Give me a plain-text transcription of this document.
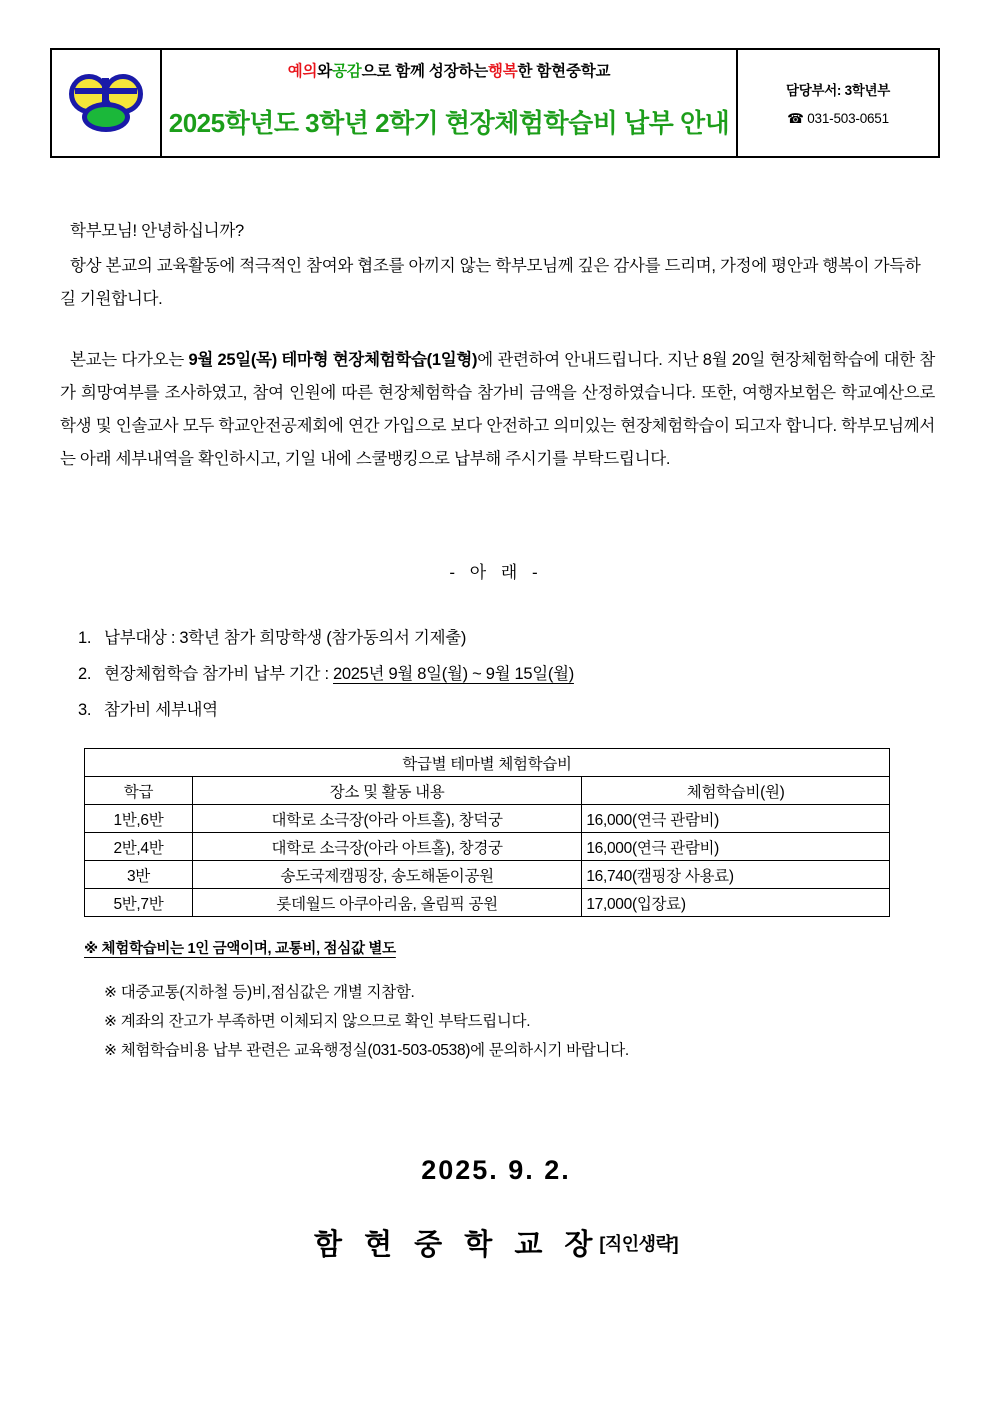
예의 와 공감 으로 함께 성장하는 행복 한 함현중학교
2025학년도 3학년 2학기 현장체험학습비 납부 안내
담당부서: 3학년부
☎ 031-503-0651

학부모님! 안녕하십니까?

항상 본교의 교육활동에 적극적인 참여와 협조를 아끼지 않는 학부모님께 깊은 감사를 드리며, 가정에 평안과 행복이 가득하길 기원합니다.

본교는 다가오는 9월 25일(목) 테마형 현장체험학습(1일형)에 관련하여 안내드립니다. 지난 8월 20일 현장체험학습에 대한 참가 희망여부를 조사하였고, 참여 인원에 따른 현장체험학습 참가비 금액을 산정하였습니다. 또한, 여행자보험은 학교예산으로 학생 및 인솔교사 모두 학교안전공제회에 연간 가입으로 보다 안전하고 의미있는 현장체험학습이 되고자 합니다. 학부모님께서는 아래 세부내역을 확인하시고, 기일 내에 스쿨뱅킹으로 납부해 주시기를 부탁드립니다.

- 아 래 -
1. 납부대상 : 3학년 참가 희망학생 (참가동의서 기제출)
2. 현장체험학습 참가비 납부 기간 : 2025년 9월 8일(월) ~ 9월 15일(월)
3. 참가비 세부내역
학급별 테마별 체험학습비		
학급	장소 및 활동 내용	체험학습비(원)
1반,6반	대학로 소극장(아라 아트홀), 창덕궁	16,000(연극 관람비)
2반,4반	대학로 소극장(아라 아트홀), 창경궁	16,000(연극 관람비)
3반	송도국제캠핑장, 송도해돋이공원	16,740(캠핑장 사용료)
5반,7반	롯데월드 아쿠아리움, 올림픽 공원	17,000(입장료)
※ 체험학습비는 1인 금액이며, 교통비, 점심값 별도
※ 대중교통(지하철 등)비,점심값은 개별 지참함.
※ 계좌의 잔고가 부족하면 이체되지 않으므로 확인 부탁드립니다.
※ 체험학습비용 납부 관련은 교육행정실(031-503-0538)에 문의하시기 바랍니다.
2025. 9. 2.
함 현 중 학 교 장[직인생략]
